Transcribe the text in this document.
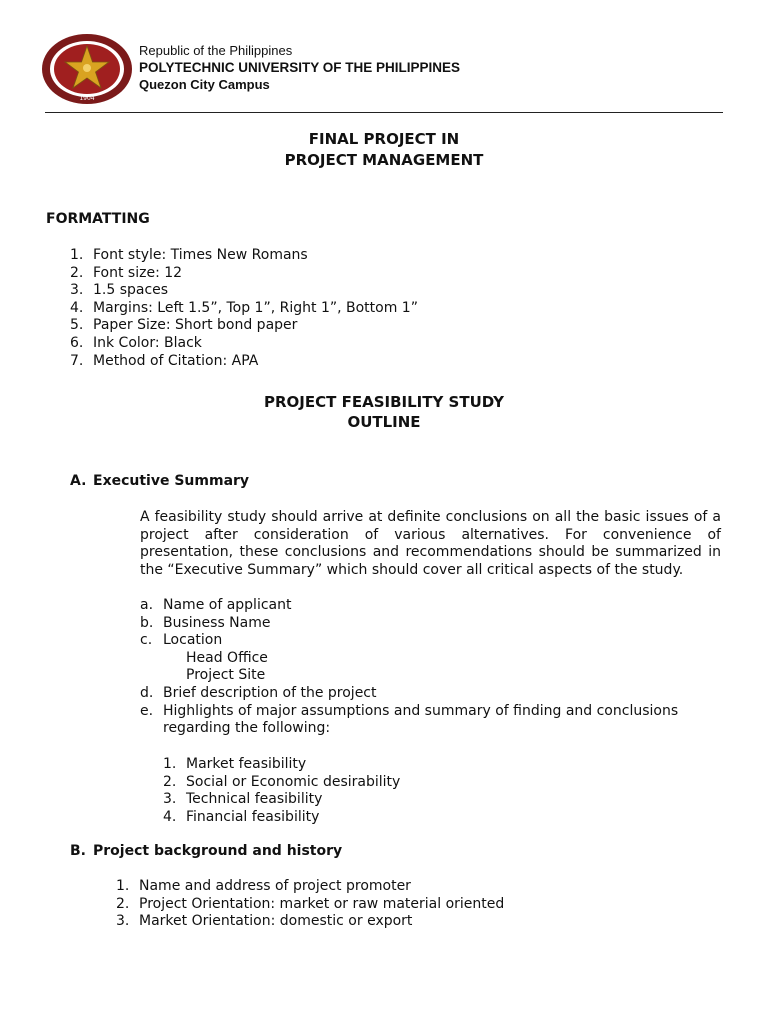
1904
Republic of the Philippines
POLYTECHNIC UNIVERSITY OF THE PHILIPPINES
Quezon City Campus
FINAL PROJECT IN
PROJECT MANAGEMENT
FORMATTING
1. Font style: Times New Romans
2. Font size: 12
3. 1.5 spaces
4. Margins: Left 1.5”, Top 1”, Right 1”, Bottom 1”
5. Paper Size: Short bond paper
6. Ink Color: Black
7. Method of Citation: APA
PROJECT FEASIBILITY STUDY
OUTLINE
A. Executive Summary
A feasibility study should arrive at definite conclusions on all the basic issues of a project after consideration of various alternatives. For convenience of presentation, these conclusions and recommendations should be summarized in the “Executive Summary” which should cover all critical aspects of the study.
a. Name of applicant
b. Business Name
c. Location
Head Office
Project Site
d. Brief description of the project
e. Highlights of major assumptions and summary of finding and conclusions regarding the following:
1. Market feasibility
2. Social or Economic desirability
3. Technical feasibility
4. Financial feasibility
B. Project background and history
1. Name and address of project promoter
2. Project Orientation: market or raw material oriented
3. Market Orientation: domestic or export
